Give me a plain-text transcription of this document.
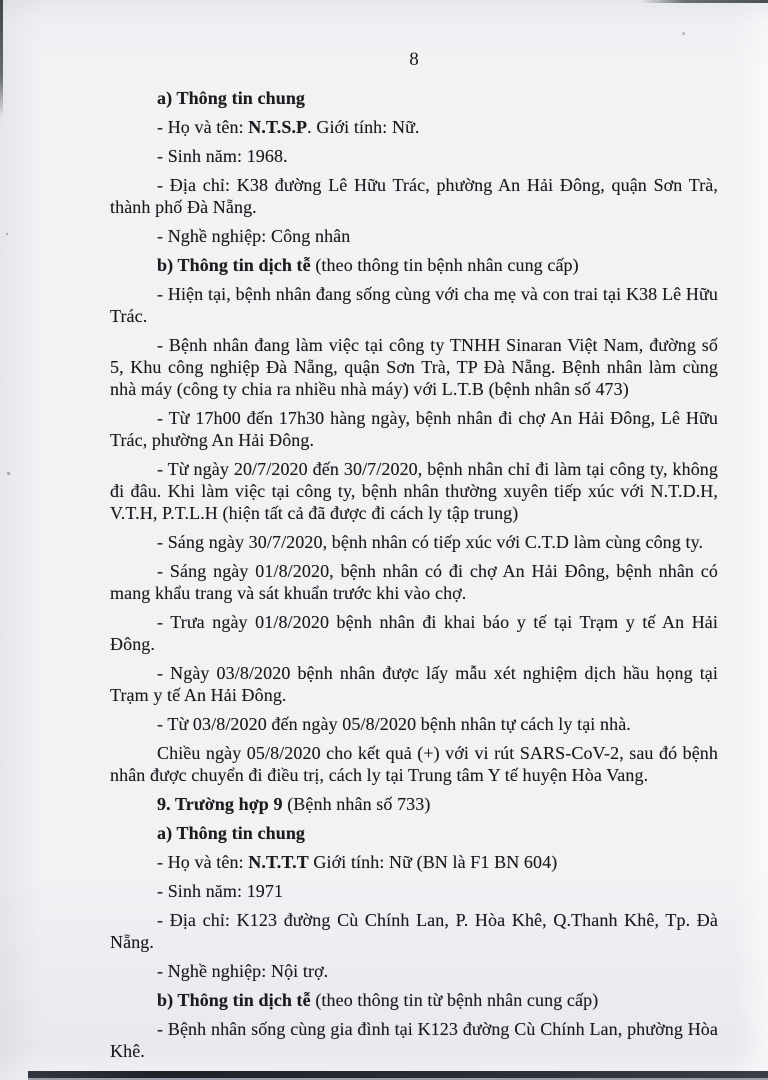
8

a) Thông tin chung

- Họ và tên: N.T.S.P. Giới tính: Nữ.

- Sinh năm: 1968.

- Địa chỉ: K38 đường Lê Hữu Trác, phường An Hải Đông, quận Sơn Trà, thành phố Đà Nẵng.

- Nghề nghiệp: Công nhân

b) Thông tin dịch tễ (theo thông tin bệnh nhân cung cấp)

- Hiện tại, bệnh nhân đang sống cùng với cha mẹ và con trai tại K38 Lê Hữu Trác.

- Bệnh nhân đang làm việc tại công ty TNHH Sinaran Việt Nam, đường số 5, Khu công nghiệp Đà Nẵng, quận Sơn Trà, TP Đà Nẵng. Bệnh nhân làm cùng nhà máy (công ty chia ra nhiều nhà máy) với L.T.B (bệnh nhân số 473)

- Từ 17h00 đến 17h30 hàng ngày, bệnh nhân đi chợ An Hải Đông, Lê Hữu Trác, phường An Hải Đông.

- Từ ngày 20/7/2020 đến 30/7/2020, bệnh nhân chỉ đi làm tại công ty, không đi đâu. Khi làm việc tại công ty, bệnh nhân thường xuyên tiếp xúc với N.T.D.H, V.T.H, P.T.L.H (hiện tất cả đã được đi cách ly tập trung)

- Sáng ngày 30/7/2020, bệnh nhân có tiếp xúc với C.T.D làm cùng công ty.

- Sáng ngày 01/8/2020, bệnh nhân có đi chợ An Hải Đông, bệnh nhân có mang khẩu trang và sát khuẩn trước khi vào chợ.

- Trưa ngày 01/8/2020 bệnh nhân đi khai báo y tế tại Trạm y tế An Hải Đông.

- Ngày 03/8/2020 bệnh nhân được lấy mẫu xét nghiệm dịch hầu họng tại Trạm y tế An Hải Đông.

- Từ 03/8/2020 đến ngày 05/8/2020 bệnh nhân tự cách ly tại nhà.

Chiều ngày 05/8/2020 cho kết quả (+) với vi rút SARS-CoV-2, sau đó bệnh nhân được chuyển đi điều trị, cách ly tại Trung tâm Y tế huyện Hòa Vang.

9. Trường hợp 9 (Bệnh nhân số 733)

a) Thông tin chung

- Họ và tên: N.T.T.T Giới tính: Nữ (BN là F1 BN 604)

- Sinh năm: 1971

- Địa chỉ: K123 đường Cù Chính Lan, P. Hòa Khê, Q.Thanh Khê, Tp. Đà Nẵng.

- Nghề nghiệp: Nội trợ.

b) Thông tin dịch tễ (theo thông tin từ bệnh nhân cung cấp)

- Bệnh nhân sống cùng gia đình tại K123 đường Cù Chính Lan, phường Hòa Khê.
